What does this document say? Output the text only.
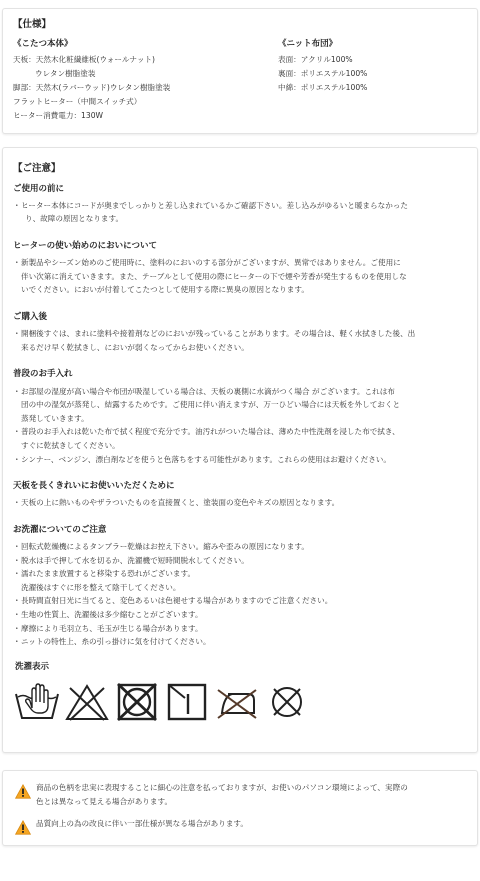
【仕様】
《こたつ本体》
天板：天然木化粧繊維板(ウォールナット)
ウレタン樹脂塗装
脚部：天然木(ラバーウッド)ウレタン樹脂塗装
フラットヒーター（中間スイッチ式）
ヒーター消費電力：130W
《ニット布団》
表面：アクリル100%
裏面：ポリエステル100%
中綿：ポリエステル100%
【ご注意】
ご使用の前に
・ ヒーター本体にコードが奥までしっかりと差し込まれているかご確認下さい。差し込みがゆるいと暖まらなかった
り、故障の原因となります。
ヒーターの使い始めのにおいについて
・ 新製品やシーズン始めのご使用時に、塗料のにおいのする部分がございますが、異常ではありません。ご使用に
伴い次第に消えていきます。また、テーブルとして使用の際にヒーターの下で煙や芳香が発生するものを使用しな
いでください。においが付着してこたつとして使用する際に異臭の原因となります。
ご購入後
・ 開梱後すぐは、まれに塗料や接着剤などのにおいが残っていることがあります。その場合は、軽く水拭きした後、出
来るだけ早く乾拭きし、においが弱くなってからお使いください。
普段のお手入れ
・ お部屋の湿度が高い場合や布団が吸湿している場合は、天板の裏側に水滴がつく場合 がございます。これは布
団の中の湿気が蒸発し、結露するためです。ご使用に伴い消えますが、万一ひどい場合には天板を外しておくと
蒸発していきます。
・ 普段のお手入れは乾いた布で拭く程度で充分です。油汚れがついた場合は、薄めた中性洗剤を浸した布で拭き、
すぐに乾拭きしてください。
・ シンナー、ベンジン、漂白剤などを使うと色落ちをする可能性があります。これらの使用はお避けください。
天板を長くきれいにお使いいただくために
・ 天板の上に熱いものやザラついたものを直接置くと、塗装面の変色やキズの原因となります。
お洗濯についてのご注意
・ 回転式乾燥機によるタンブラー乾燥はお控え下さい。縮みや歪みの原因になります。
・ 脱水は手で押して水を切るか、洗濯機で短時間脱水してください。
・ 濡れたまま放置すると移染する恐れがございます。
洗濯後はすぐに形を整えて陰干してください。
・ 長時間直射日光に当てると、変色あるいは色褪せする場合がありますのでご注意ください。
・ 生地の性質上、洗濯後は多少縮むことがございます。
・ 摩擦により毛羽立ち、毛玉が生じる場合があります。
・ ニットの特性上、糸の引っ掛けに気を付けてください。
洗濯表示
商品の色柄を忠実に表現することに細心の注意を払っておりますが、お使いのパソコン環境によって、実際の
色とは異なって見える場合があります。
品質向上の為の改良に伴い一部仕様が異なる場合があります。
